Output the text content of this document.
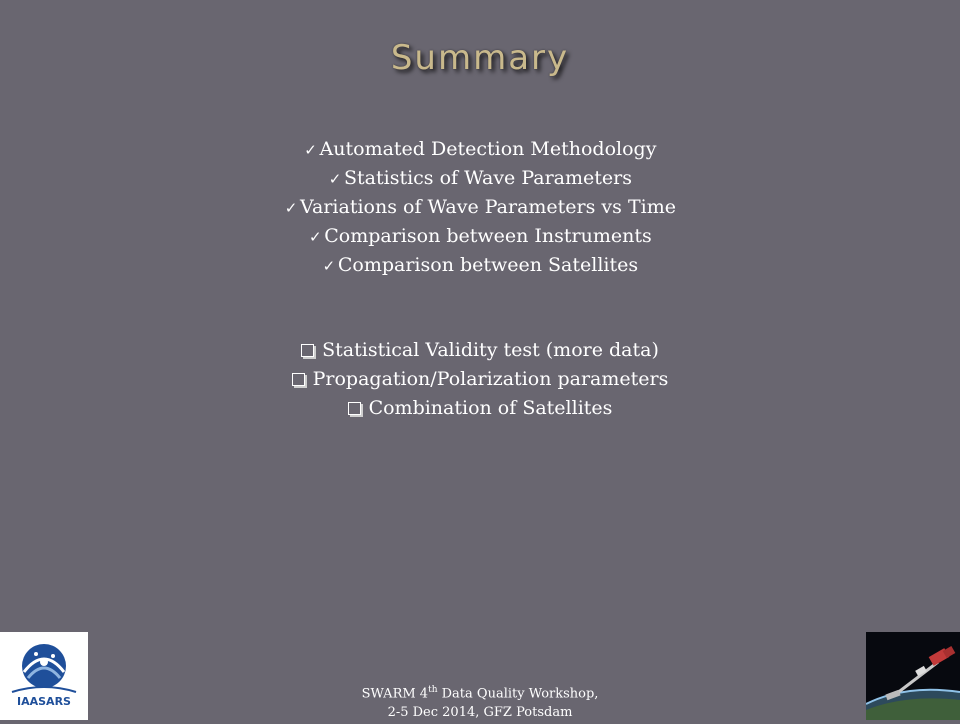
Summary
✓ Automated Detection Methodology
✓ Statistics of Wave Parameters
✓ Variations of Wave Parameters vs Time
✓ Comparison between Instruments
✓ Comparison between Satellites
Statistical Validity test (more data)
Propagation/Polarization parameters
Combination of Satellites
IAASARS
SWARM 4th Data Quality Workshop,
2-5 Dec 2014, GFZ Potsdam
